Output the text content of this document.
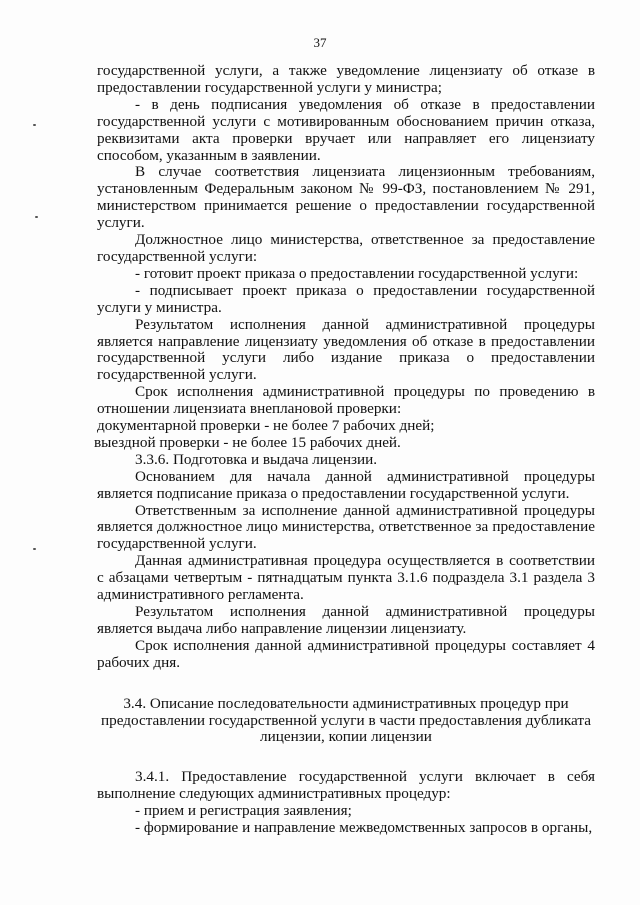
37

государственной услуги, а также уведомление лицензиату об отказе в предоставлении государственной услуги у министра;

- в день подписания уведомления об отказе в предоставлении государственной услуги с мотивированным обоснованием причин отказа, реквизитами акта проверки вручает или направляет его лицензиату способом, указанным в заявлении.

В случае соответствия лицензиата лицензионным требованиям, установленным Федеральным законом № 99-ФЗ, постановлением № 291, министерством принимается решение о предоставлении государственной услуги.

Должностное лицо министерства, ответственное за предоставление государственной услуги:

- готовит проект приказа о предоставлении государственной услуги:

- подписывает проект приказа о предоставлении государственной услуги у министра.

Результатом исполнения данной административной процедуры является направление лицензиату уведомления об отказе в предоставлении государственной услуги либо издание приказа о предоставлении государственной услуги.

Срок исполнения административной процедуры по проведению в отношении лицензиата внеплановой проверки:

документарной проверки - не более 7 рабочих дней;

выездной проверки - не более 15 рабочих дней.

3.3.6. Подготовка и выдача лицензии.

Основанием для начала данной административной процедуры является подписание приказа о предоставлении государственной услуги.

Ответственным за исполнение данной административной процедуры является должностное лицо министерства, ответственное за предоставление государственной услуги.

Данная административная процедура осуществляется в соответствии с абзацами четвертым - пятнадцатым пункта 3.1.6 подраздела 3.1 раздела 3 административного регламента.

Результатом исполнения данной административной процедуры является выдача либо направление лицензии лицензиату.

Срок исполнения данной административной процедуры составляет 4 рабочих дня.

3.4. Описание последовательности административных процедур при
предоставлении государственной услуги в части предоставления дубликата
лицензии, копии лицензии

3.4.1. Предоставление государственной услуги включает в себя выполнение следующих административных процедур:

- прием и регистрация заявления;

- формирование и направление межведомственных запросов в органы,
